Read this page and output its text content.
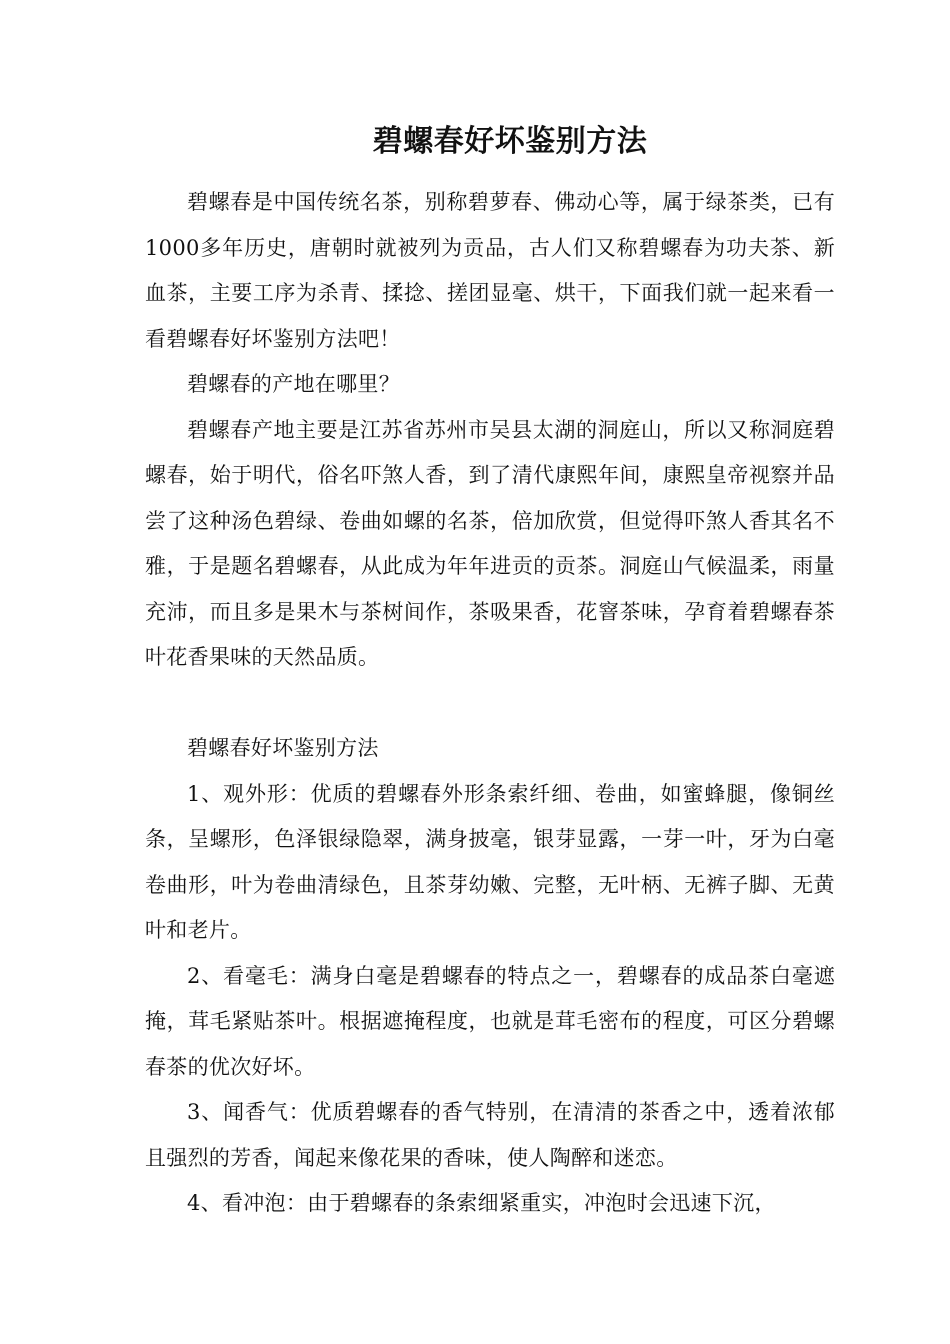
碧螺春好坏鉴别方法

碧螺春是中国传统名茶，别称碧萝春、佛动心等，属于绿茶类，已有1000多年历史，唐朝时就被列为贡品，古人们又称碧螺春为功夫茶、新血茶，主要工序为杀青、揉捻、搓团显毫、烘干，下面我们就一起来看一看碧螺春好坏鉴别方法吧！

碧螺春的产地在哪里？

碧螺春产地主要是江苏省苏州市吴县太湖的洞庭山，所以又称洞庭碧螺春，始于明代，俗名吓煞人香，到了清代康熙年间，康熙皇帝视察并品尝了这种汤色碧绿、卷曲如螺的名茶，倍加欣赏，但觉得吓煞人香其名不雅，于是题名碧螺春，从此成为年年进贡的贡茶。洞庭山气候温柔，雨量充沛，而且多是果木与茶树间作，茶吸果香，花窨茶味，孕育着碧螺春茶叶花香果味的天然品质。

碧螺春好坏鉴别方法

1、观外形：优质的碧螺春外形条索纤细、卷曲，如蜜蜂腿，像铜丝条，呈螺形，色泽银绿隐翠，满身披毫，银芽显露，一芽一叶，牙为白毫卷曲形，叶为卷曲清绿色，且茶芽幼嫩、完整，无叶柄、无裤子脚、无黄叶和老片。

2、看毫毛：满身白毫是碧螺春的特点之一，碧螺春的成品茶白毫遮掩，茸毛紧贴茶叶。根据遮掩程度，也就是茸毛密布的程度，可区分碧螺春茶的优次好坏。

3、闻香气：优质碧螺春的香气特别，在清清的茶香之中，透着浓郁且强烈的芳香，闻起来像花果的香味，使人陶醉和迷恋。

4、看冲泡：由于碧螺春的条索细紧重实，冲泡时会迅速下沉，
